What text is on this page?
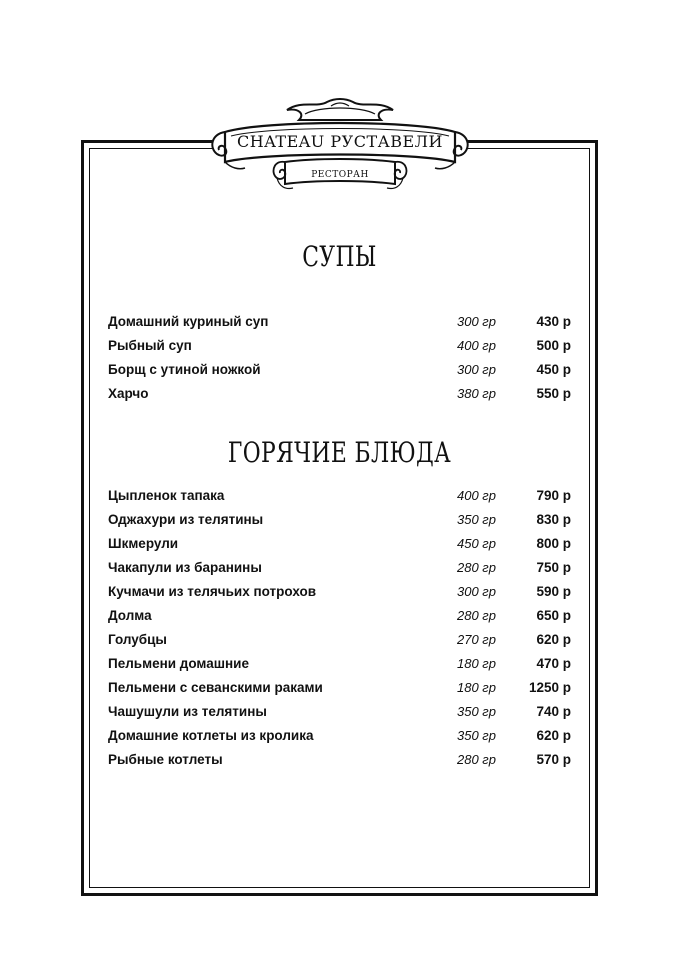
CHATEAU РУСТАВЕЛИ
РЕСТОРАН
СУПЫ
Домашний куриный суп	300 гр	430 р
Рыбный суп	400 гр	500 р
Борщ с утиной ножкой	300 гр	450 р
Харчо	380 гр	550 р
ГОРЯЧИЕ БЛЮДА
Цыпленок тапака	400 гр	790 р
Оджахури из телятины	350 гр	830 р
Шкмерули	450 гр	800 р
Чакапули из баранины	280 гр	750 р
Кучмачи из телячьих потрохов	300 гр	590 р
Долма	280 гр	650 р
Голубцы	270 гр	620 р
Пельмени домашние	180 гр	470 р
Пельмени с севанскими раками	180 гр 1250 р
Чашушули из телятины	350 гр	740 р
Домашние котлеты из кролика	350 гр	620 р
Рыбные котлеты	280 гр	570 р
